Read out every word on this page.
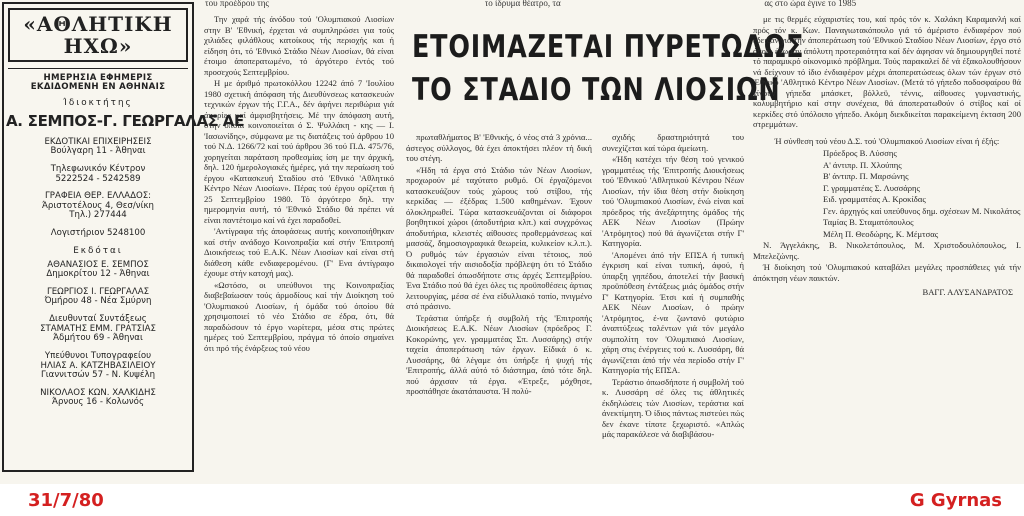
του προέδρου της	το ίδρυμα θέατρο, τα	ας στο ώρα έγινε το 1985
«ΑΘΛΗΤΙΚΗ ΗΧΩ»
ΗΜΕΡΗΣΙΑ ΕΦΗΜΕΡΙΣ
ΕΚΔΙΔΟΜΕΝΗ ΕΝ ΑΘΗΝΑΙΣ
Ίδιοκτήτης
Α. ΣΕΜΠΟΣ-Γ. ΓΕΩΡΓΑΛΑΣ ΑΕ
ΕΚΔΟΤΙΚΑΙ ΕΠΙΧΕΙΡΗΣΕΙΣ
Βούλγαρη 11 - Άθηναι
Τηλεφωνικόν Κέντρον
5222524 - 5242589
ΓΡΑΦΕΙΑ ΘΕΡ. ΕΛΛΑΔΟΣ:
Άριστοτέλους 4, Θεσ/νίκη
Τηλ.) 277444
Λογιστήριον 5248100
Εκδόται
ΑΘΑΝΑΣΙΟΣ Ε. ΣΕΜΠΟΣ
Δημοκρίτου 12 - Άθηναι
ΓΕΩΡΓΙΟΣ Ι. ΓΕΩΡΓΑΛΑΣ
Όμήρου 48 - Νέα Σμύρνη
Διευθυνταί Συντάξεως
ΣΤΑΜΑΤΗΣ ΕΜΜ. ΓΡΑΤΣΙΑΣ
Άδμήτου 69 - Άθηναι
Υπεύθυνοι Τυπογραφείου
ΗΛΙΑΣ Α. ΚΑΤΖΗΒΑΣΙΛΕΙΟΥ
Γιαννιτσών 57 - Ν. Κυψέλη
ΝΙΚΟΛΑΟΣ ΚΩΝ. ΧΑΛΚΙΔΗΣ
Άρνους 16 - Κολωνός

Την χαρά τής άνόδου τού 'Ολυμπιακού Λιοσίων στην Β' 'Εθνική, έρχεται νά συμπληρώσει για τούς χιλιάδες φιλάθλους κατοίκους τής περιοχής και ή είδηση ότι, τό 'Εθνικό Στάδιο Νέων Λιοσίων, θά είναι έτοιμο άποπερατωμένο, τό άργότερο έντός τού προσεχούς Σεπτεμβρίου.

Η με άριθμό πρωτοκόλλου 12242 άπό 7 'Ιουλίου 1980 σχετική άπόφαση τής Διευθύνσεως κατασκευών τεχνικών έργων τής Γ.Γ.Α., δέν άφήνει περιθώρια γιά άπορίες καί άμφισβητήσεις. Μέ την άπόφαση αυτή, στην όποία κοινοποιείται ό Σ. Ψυλλάκη - κης — Ι. 'Ιασωνίδης», σύμφωνα με τις διατάξεις τού άρθρου 10 τού Ν.Δ. 1266/72 καί τού άρθρου 36 τού Π.Δ. 475/76, χορηγείται παράταση προθεσμίας ίση με την άρχική, δηλ. 120 ήμερολογιακές ήμέρες, γιά την περαίωση τού έργου «Κατασκευή Σταδίου στό 'Εθνικό 'Αθλητικό Κέντρο Νέων Λιοσίων». Πέρας τού έργου ορίζεται ή 25 Σεπτεμβρίου 1980. Τό άργότερο δηλ. την ημερομηνία αυτή, τό 'Εθνικό Στάδιο θά πρέπει νά είναι παντέτοιμο καί νά έχει παραδοθεί.

'Αντίγραφα τής άποφάσεως αυτής κοινοποιήθηκαν καί στήν ανάδοχο Κοινοπραξία καί στήν 'Επιτροπή Διοικήσεως τού Ε.Α.Κ. Νέων Λιοσίων καί είναι στή διάθεση κάθε ενδιαφερομένου. (Γ' Ενα άντίγραφο έχουμε στήν κατοχή μας).

«Ωστόσο, οι υπεύθυνοι της Κοινοπραξίας διαβεβαίωσαν τούς άρμοδίους καί τήν Διοίκηση τού 'Ολυμπιακού Λιοσίων, ή όμάδα τού όποίου θά χρησιμοποιεί τό νέο Στάδιο σε έδρα, ότι, θά παραδώσουν τό έργο νωρίτερα, μέσα στις πρώτες ημέρες τού Σεπτεμβρίου, πράγμα τό όποίο σημαίνει ότι πρό τής ένάρξεως τού νέου

ΕΤΟΙΜΑΖΕΤΑΙ ΠΥΡΕΤΩΔΩΣ
ΤΟ ΣΤΑΔΙΟ ΤΩΝ ΛΙΟΣΙΩΝ

πρωταθλήματος Β' 'Εθνικής, ό νέος στά 3 χρόνια... άστεγος σύλλογος, θά έχει άποκτήσει πλέον τή δική του στέγη.

«Ήδη τά έργα στό Στάδιο τών Νέων Λιοσίων, προχωρούν μέ ταχύτατο ρυθμό. Οί έργαζόμενοι κατασκευάζουν τούς χώρους τού στίβου, τής κερκίδας — έξέδρας 1.500 καθημένων. Έχουν όλοκληρωθεί. Τώρα κατασκευάζονται οί διάφοροι βοηθητικοί χώροι (άποδυτήρια κλπ.) καί συγχρόνως άποδυτήρια, κλειστές αίθουσες προθερμάνσεως καί μασσάζ, δημοσιογραφικά θεωρεία, κυλικείον κ.λ.π.). Ό ρυθμός τών έργασιών είναι τέτοιος, πού δικαιολογεί τήν αισιοδοξία πρόβλεψη ότι τό Στάδιο θά παραδοθεί όπωσδήποτε στις άρχές Σεπτεμβρίου. Ένα Στάδιο πού θά έχει όλες τις προϋποθέσεις άρτιας λειτουργίας, μέσα σέ ένα είδυλλιακό τοπίο, πνιγμένο στό πράσινο.

Τεράστια ύπήρξε ή συμβολή τής 'Επιτροπής Διοικήσεως Ε.Α.Κ. Νέων Λιοσίων (πρόεδρος Γ. Κοκορώνης, γεν. γραμματέας Σπ. Λυσσάρης) στήν ταχεία άποπεράτωση τών έργων. Είδικά ό κ. Λυσσάρης, θά λέγαμε ότι ύπήρξε ή ψυχή τής 'Επιτροπής, άλλά αύτό τό διάστημα, άπό τότε δηλ. πού άρχισαν τά έργα. «Έτρεξε, μόχθησε, προσπάθησε άκατάπαυστα. Ή πολύ-

σχιδής δραστηριότητά του συνεχίζεται καί τώρα άμείωτη.

«Ήδη κατέχει τήν θέση τού γενικού γραμματέως τής 'Επιτροπής Διοικήσεως τού 'Εθνικού 'Αθλητικού Κέντρου Νέων Λιοσίων, τήν ίδια θέση στήν διοίκηση τού 'Ολυμπιακού Λιοσίων, ένώ είναι καί πρόεδρος τής άνεξάρτητης όμάδος τής ΑΕΚ Νέων Λιοσίων (Πρώην 'Ατρόμητος) πού θά άγωνίζεται στήν Γ' Κατηγορία.

'Απομένει άπό τήν ΕΠΣΑ ή τυπική έγκριση καί είναι τυπική, άφού, ή ύπαρξη γηπέδου, άποτελεί τήν βασική προϋπόθεση έντάξεως μιάς όμάδος στήν Γ' Κατηγορία. Έτσι καί ή συμπαθής ΑΕΚ Νέων Λιοσίων, ό πρώην 'Ατρόμητος, έ-να ζωντανό φυτώριο άναπτύξεως ταλέντων γιά τόν μεγάλο συμπολίτη τον 'Ολυμπιακό Λιοσίων, χάρη στις ένέργειες τού κ. Λυσσάρη, θά άγωνίζεται άπό τήν νέα περίοδο στήν Γ' Κατηγορία τής ΕΠΣΑ.

Τεράστιο όπωσδήποτε ή συμβολή τού κ. Λυσσάρη σέ όλες τις άθλητικές έκδηλώσεις τών Λιοσίων, τεράστια καί άνεκτίμητη. Ό ίδιος πάντως πιστεύει πώς δεν έκανε τίποτε ξεχωριστό. «Απλώς μάς παρακάλεσε νά διαβιβάσου-

με τις θερμές εύχαριστίες του, καί πρός τόν κ. Χαλάκη Καραμανλή καί πρός τόν κ. Κων. Παναγιωτακόπουλο γιά τό άμέριστο ένδιαφέρον πού έδειξαν γιά τήν άποπεράτωση τού 'Εθνικού Σταδίου Νέων Λιοσίων, έργο στό όποίο έδωσαν άπόλυτη προτεραιότητα καί δέν άφησαν νά δημιουργηθεί ποτέ τό παραμικρό οίκονομικό πρόβλημα. Τούς παρακαλεί δέ νά έξακολουθήσουν νά δείχνουν τό ίδιο ένδιαφέρον μέχρι άποπερατώσεως όλων τών έργων στό 'Εθνικό 'Αθλητικό Κέντρο Νέων Λιοσίων. (Μετά τό γήπεδο ποδοσφαίρου θά γίνουν γήπεδα μπάσκετ, βόλλεϋ, τέννις, αίθουσες γυμναστικής, κολυμβητήριο καί στην συνέχεια, θά άποπερατωθούν ό στίβος καί οί κερκίδες στό ύπόλοιπο γήπεδο. Ακόμη διεκδικείται παρακείμενη έκταση 200 στρεμμάτων.

Ή σύνθεση τού νέου Δ.Σ. τού 'Ολυμπιακού Λιοσίων είναι ή έξής:

Πρόεδρος Β. Λύσσης

Α' άντιπρ. Π. Χλούπης

Β' άντιπρ. Π. Μαρσώνης

Γ. γραμματέας Σ. Λυσσάρης

Ειδ. γραμματέας Α. Κροκίδας

Γεν. άρχηγός καί υπεύθυνος δημ. σχέσεων Μ. Νικολάτος

Ταμίας Β. Σταματόπουλος

Μέλη Π. Θεοδώρης, Κ. Μέμτσας

Ν. Άγγελάκης, Β. Νικολετόπουλος, Μ. Χριστοδουλόπουλος, Ι. Μπελεζώνης.

Ή διοίκηση τού 'Ολυμπιακού καταβάλει μεγάλες προσπάθειες γιά τήν άπόκτηση νέων παικτών.

ΒΑΓΓ. ΑΛΥΣΑΝΔΡΑΤΟΣ

31/7/80	G Gyrnas
